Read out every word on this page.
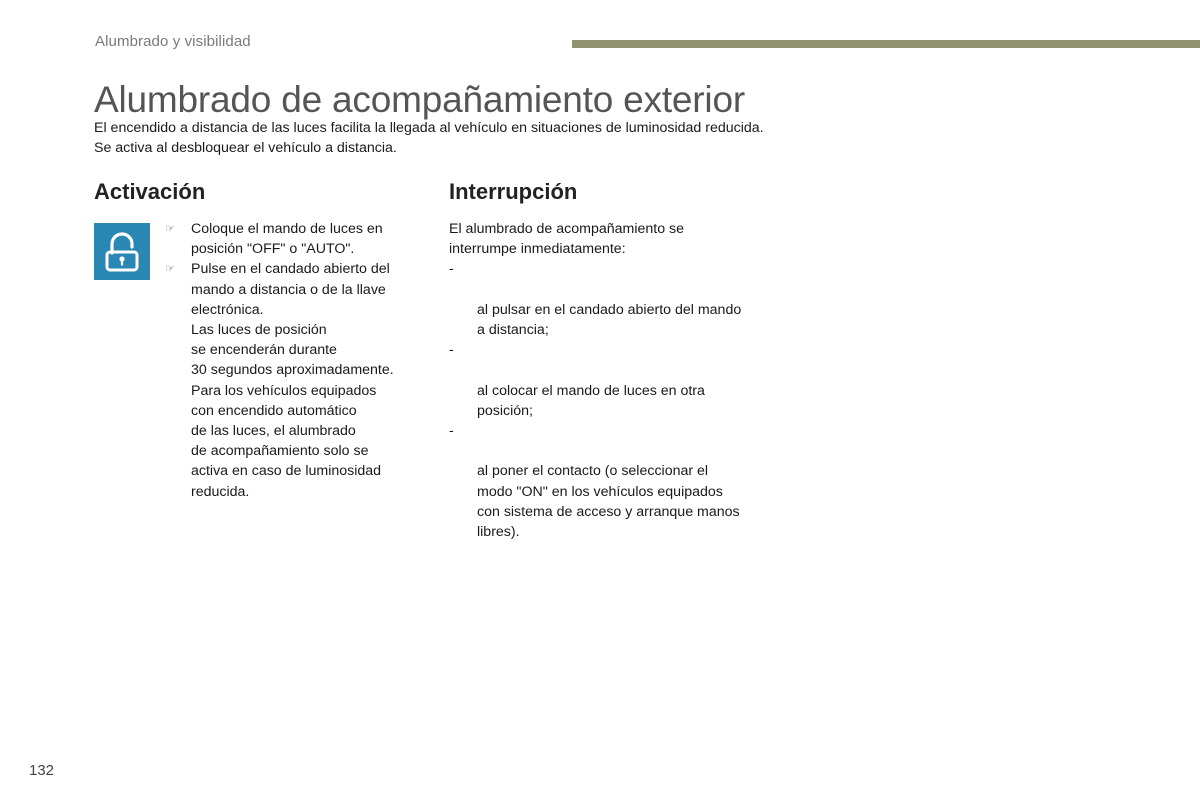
Alumbrado y visibilidad
Alumbrado de acompañamiento exterior

El encendido a distancia de las luces facilita la llegada al vehículo en situaciones de luminosidad reducida.

Se activa al desbloquear el vehículo a distancia.

Activación
☞ Coloque el mando de luces en
posición "OFF" o "AUTO".
☞ Pulse en el candado abierto del
mando a distancia o de la llave
electrónica.
Las luces de posición
se encenderán durante
30 segundos aproximadamente.
Para los vehículos equipados
con encendido automático
de las luces, el alumbrado
de acompañamiento solo se
activa en caso de luminosidad
reducida.
Interrupción

El alumbrado de acompañamiento se
interrumpe inmediatamente:

-

al pulsar en el candado abierto del mando
a distancia;

-

al colocar el mando de luces en otra
posición;

-

al poner el contacto (o seleccionar el
modo "ON" en los vehículos equipados
con sistema de acceso y arranque manos
libres).

132
